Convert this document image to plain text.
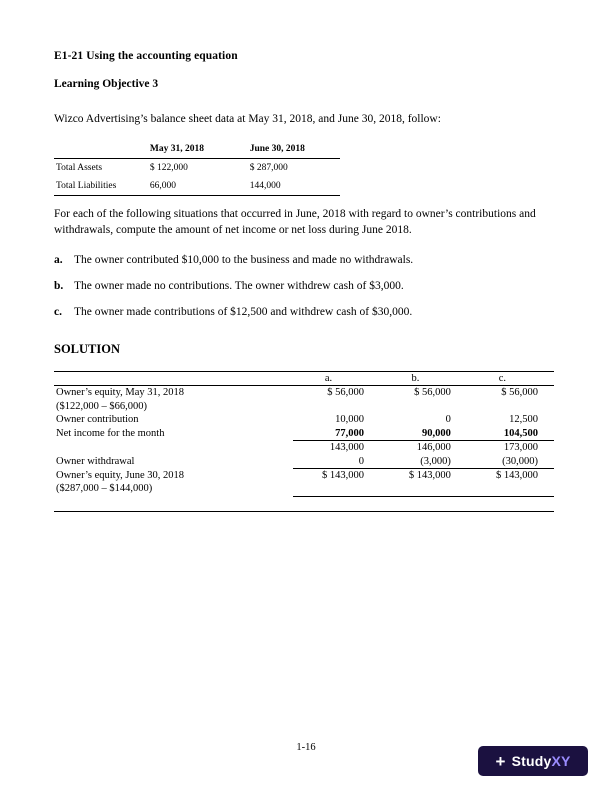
E1-21 Using the accounting equation
Learning Objective 3
Wizco Advertising’s balance sheet data at May 31, 2018, and June 30, 2018, follow:
	May 31, 2018	June 30, 2018
Total Assets	$ 122,000	$ 287,000
Total Liabilities	66,000	144,000
For each of the following situations that occurred in June, 2018 with regard to owner’s contributions and withdrawals, compute the amount of net income or net loss during June 2018.
a. The owner contributed $10,000 to the business and made no withdrawals.
b. The owner made no contributions. The owner withdrew cash of $3,000.
c.	The owner made contributions of $12,500 and withdrew cash of $30,000.
SOLUTION
	a.	b.	c.
Owner’s equity, May 31, 2018	$ 56,000	$ 56,000	$ 56,000
($122,000 – $66,000)			
Owner contribution	10,000	0	12,500
Net income for the month	77,000	90,000	104,500
	143,000	146,000	173,000
Owner withdrawal	0	(3,000)	(30,000)
Owner’s equity, June 30, 2018	$ 143,000	$ 143,000	$ 143,000
($287,000 – $144,000)			
1-16
+ Study XY
